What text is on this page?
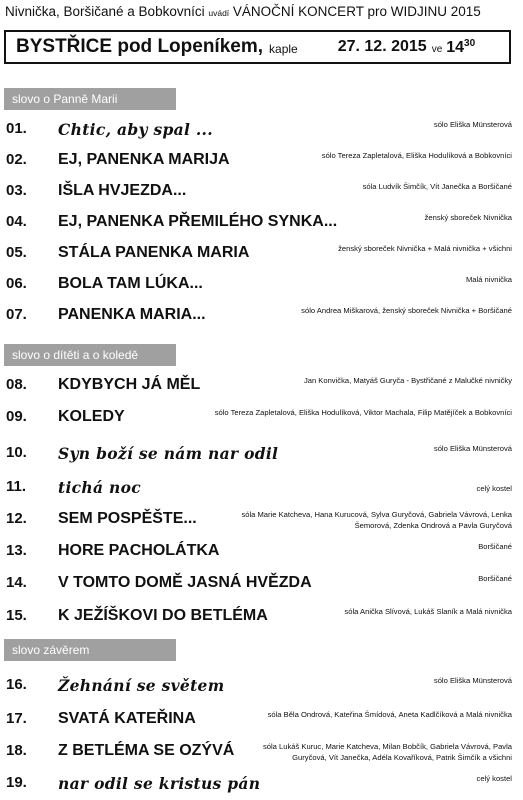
Nivnička, Boršičané a Bobkovníci uvádí VÁNOČNÍ KONCERT pro WIDJINU 2015
BYSTŘICE pod Lopeníkem, kaple	27. 12. 2015 ve $14^{30}$
slovo o Panně Marii
01. Chtic, aby spal ...	sólo Eliška Münsterová
02. EJ, PANENKA MARIJA	sólo Tereza Zapletalová, Eliška Hodulíková a Bobkovníci
03. IŠLA HVJEZDA...	sóla Ludvík Šimčík, Vít Janečka a Boršičané
04. EJ, PANENKA PŘEMILÉHO SYNKA...	ženský sboreček Nivnička
05. STÁLA PANENKA MARIA	ženský sboreček Nivnička + Malá nivnička + všichni
06. BOLA TAM LÚKA...	Malá nivnička
07. PANENKA MARIA...	sólo Andrea Miškarová, ženský sboreček Nivnička + Boršičané
slovo o dítěti a o koledě
08. KDYBYCH JÁ MĚL	Jan Konvička, Matyáš Guryča - Bystřičané z Malučké nivničky
09. KOLEDY	sólo Tereza Zapletalová, Eliška Hodulíková, Viktor Machala, Filip Matějíček a Bobkovníci
10. Syn boží se nám nar odil	sólo Eliška Münsterová
11. tichá noc	celý kostel
12. SEM POSPĚŠTE...	sóla Marie Katcheva, Hana Kurucová, Sylva Guryčová, Gabriela Vávrová, Lenka
Šemorová, Zdenka Ondrová a Pavla Guryčová
13. HORE PACHOLÁTKA	Boršičané
14. V TOMTO DOMĚ JASNÁ HVĚZDA	Boršičané
15. K JEŽÍŠKOVI DO BETLÉMA	sóla Anička Slívová, Lukáš Slaník a Malá nivnička
slovo závěrem
16. Žehnání se světem	sólo Eliška Münsterová
17. SVATÁ KATEŘINA	sóla Běla Ondrová, Kateřina Šmídová, Aneta Kadlčíková a Malá nivnička
18. Z BETLÉMA SE OZÝVÁ	sóla Lukáš Kuruc, Marie Katcheva, Milan Bobčík, Gabriela Vávrová, Pavla
Guryčová, Vít Janečka, Adéla Kovaříková, Patrik Šimčík a všichni
19. nar odil se kristus pán	celý kostel
